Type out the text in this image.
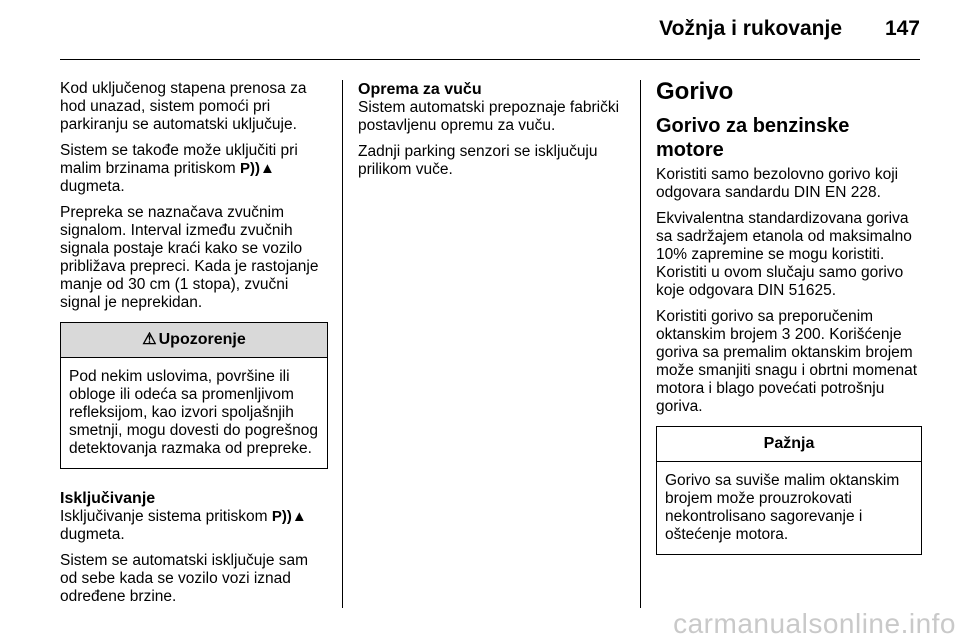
Vožnja i rukovanje 147

Kod uključenog stapena prenosa za hod unazad, sistem pomoći pri parkiranju se automatski uključuje.

Sistem se takođe može uključiti pri malim brzinama pritiskom P))▲ dugmeta.

Prepreka se naznačava zvučnim signalom. Interval između zvučnih signala postaje kraći kako se vozilo približava prepreci. Kada je rastojanje manje od 30 cm (1 stopa), zvučni signal je neprekidan.

⚠ Upozorenje
Pod nekim uslovima, površine ili obloge ili odeća sa promenljivom refleksijom, kao izvori spoljašnjih smetnji, mogu dovesti do pogrešnog detektovanja razmaka od prepreke.
Isključivanje

Isključivanje sistema pritiskom P))▲ dugmeta.

Sistem se automatski isključuje sam od sebe kada se vozilo vozi iznad određene brzine.

Oprema za vuču

Sistem automatski prepoznaje fabrički postavljenu opremu za vuču.

Zadnji parking senzori se isključuju prilikom vuče.

Gorivo
Gorivo za benzinske motore

Koristiti samo bezolovno gorivo koji odgovara sandardu DIN EN 228.

Ekvivalentna standardizovana goriva sa sadržajem etanola od maksimalno 10% zapremine se mogu koristiti. Koristiti u ovom slučaju samo gorivo koje odgovara DIN 51625.

Koristiti gorivo sa preporučenim oktanskim brojem 3 200. Korišćenje goriva sa premalim oktanskim brojem može smanjiti snagu i obrtni momenat motora i blago povećati potrošnju goriva.

Pažnja
Gorivo sa suviše malim oktanskim brojem može prouzrokovati nekontrolisano sagorevanje i oštećenje motora.
carmanualsonline.info
